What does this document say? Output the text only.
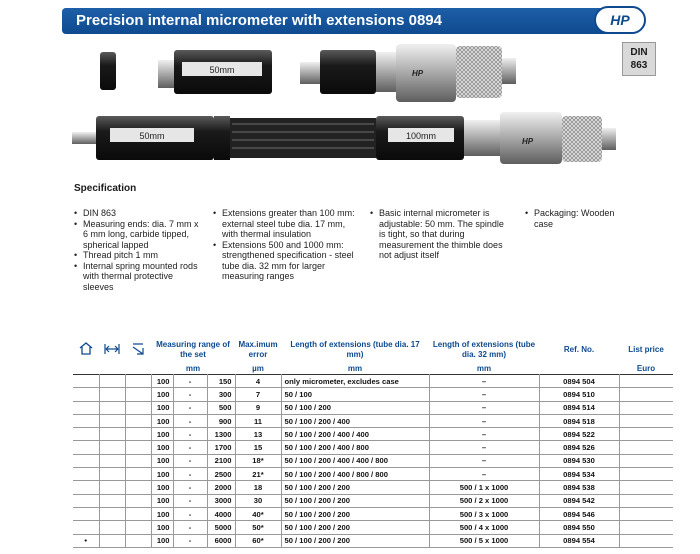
Precision internal micrometer with extensions 0894	HP
DIN
863
50mm	HP
50mm	100mm
HP
Specification
• DIN 863
• Measuring ends: dia. 7 mm x 6 mm long, carbide tipped, spherical lapped
• Thread pitch 1 mm
• Internal spring mounted rods with thermal protective sleeves
• Extensions greater than 100 mm: external steel tube dia. 17 mm, with thermal insulation
• Extensions 500 and 1000 mm: strengthened specification - steel tube dia. 32 mm for larger measuring ranges
• Basic internal micrometer is adjustable: 50 mm. The spindle is tight, so that during measurement the thimble does not adjust itself
• Packaging: Wooden case
			Measuring range of the set			Max.imum error	Length of extensions (tube dia. 17 mm)	Length of extensions (tube dia. 32 mm)	Ref. No.	List price
			mm			µm	mm	mm		Euro
			100	-	150	4	only micrometer, excludes case	–	0894 504	
			100	-	300	7	50 / 100	–	0894 510	
			100	-	500	9	50 / 100 / 200	–	0894 514	
			100	-	900	11	50 / 100 / 200 / 400	–	0894 518	
			100	-	1300	13	50 / 100 / 200 / 400 / 400	–	0894 522	
			100	-	1700	15	50 / 100 / 200 / 400 / 800	–	0894 526	
			100	-	2100	18*	50 / 100 / 200 / 400 / 400 / 800	–	0894 530	
			100	-	2500	21*	50 / 100 / 200 / 400 / 800 / 800	–	0894 534	
			100	-	2000	18	50 / 100 / 200 / 200	500 / 1 x 1000	0894 538	
			100	-	3000	30	50 / 100 / 200 / 200	500 / 2 x 1000	0894 542	
			100	-	4000	40*	50 / 100 / 200 / 200	500 / 3 x 1000	0894 546	
			100	-	5000	50*	50 / 100 / 200 / 200	500 / 4 x 1000	0894 550	
•			100	-	6000	60*	50 / 100 / 200 / 200	500 / 5 x 1000	0894 554	
